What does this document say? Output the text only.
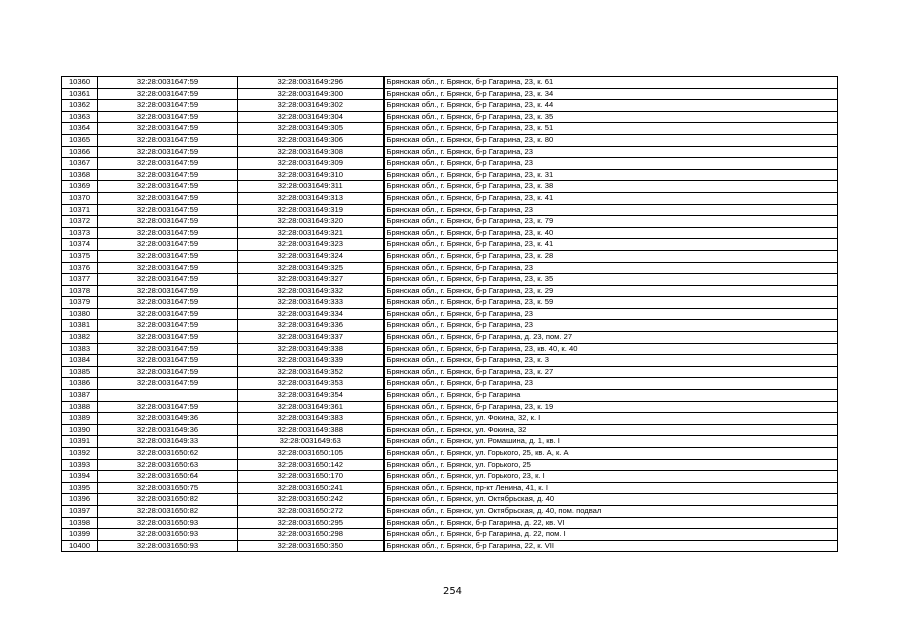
10360	32:28:0031647:59	32:28:0031649:296	Брянская обл., г. Брянск, б-р Гагарина, 23, к. 61
10361	32:28:0031647:59	32:28:0031649:300	Брянская обл., г. Брянск, б-р Гагарина, 23, к. 34
10362	32:28:0031647:59	32:28:0031649:302	Брянская обл., г. Брянск, б-р Гагарина, 23, к. 44
10363	32:28:0031647:59	32:28:0031649:304	Брянская обл., г. Брянск, б-р Гагарина, 23, к. 35
10364	32:28:0031647:59	32:28:0031649:305	Брянская обл., г. Брянск, б-р Гагарина, 23, к. 51
10365	32:28:0031647:59	32:28:0031649:306	Брянская обл., г. Брянск, б-р Гагарина, 23, к. 80
10366	32:28:0031647:59	32:28:0031649:308	Брянская обл., г. Брянск, б-р Гагарина, 23
10367	32:28:0031647:59	32:28:0031649:309	Брянская обл., г. Брянск, б-р Гагарина, 23
10368	32:28:0031647:59	32:28:0031649:310	Брянская обл., г. Брянск, б-р Гагарина, 23, к. 31
10369	32:28:0031647:59	32:28:0031649:311	Брянская обл., г. Брянск, б-р Гагарина, 23, к. 38
10370	32:28:0031647:59	32:28:0031649:313	Брянская обл., г. Брянск, б-р Гагарина, 23, к. 41
10371	32:28:0031647:59	32:28:0031649:319	Брянская обл., г. Брянск, б-р Гагарина, 23
10372	32:28:0031647:59	32:28:0031649:320	Брянская обл., г. Брянск, б-р Гагарина, 23, к. 79
10373	32:28:0031647:59	32:28:0031649:321	Брянская обл., г. Брянск, б-р Гагарина, 23, к. 40
10374	32:28:0031647:59	32:28:0031649:323	Брянская обл., г. Брянск, б-р Гагарина, 23, к. 41
10375	32:28:0031647:59	32:28:0031649:324	Брянская обл., г. Брянск, б-р Гагарина, 23, к. 28
10376	32:28:0031647:59	32:28:0031649:325	Брянская обл., г. Брянск, б-р Гагарина, 23
10377	32:28:0031647:59	32:28:0031649:327	Брянская обл., г. Брянск, б-р Гагарина, 23, к. 35
10378	32:28:0031647:59	32:28:0031649:332	Брянская обл., г. Брянск, б-р Гагарина, 23, к. 29
10379	32:28:0031647:59	32:28:0031649:333	Брянская обл., г. Брянск, б-р Гагарина, 23, к. 59
10380	32:28:0031647:59	32:28:0031649:334	Брянская обл., г. Брянск, б-р Гагарина, 23
10381	32:28:0031647:59	32:28:0031649:336	Брянская обл., г. Брянск, б-р Гагарина, 23
10382	32:28:0031647:59	32:28:0031649:337	Брянская обл., г. Брянск, б-р Гагарина, д. 23, пом. 27
10383	32:28:0031647:59	32:28:0031649:338	Брянская обл., г. Брянск, б-р Гагарина, 23, кв. 40, к. 40
10384	32:28:0031647:59	32:28:0031649:339	Брянская обл., г. Брянск, б-р Гагарина, 23, к. 3
10385	32:28:0031647:59	32:28:0031649:352	Брянская обл., г. Брянск, б-р Гагарина, 23, к. 27
10386	32:28:0031647:59	32:28:0031649:353	Брянская обл., г. Брянск, б-р Гагарина, 23
10387		32:28:0031649:354	Брянская обл., г. Брянск, б-р Гагарина
10388	32:28:0031647:59	32:28:0031649:361	Брянская обл., г. Брянск, б-р Гагарина, 23, к. 19
10389	32:28:0031649:36	32:28:0031649:383	Брянская обл., г. Брянск, ул. Фокина, 32, к. I
10390	32:28:0031649:36	32:28:0031649:388	Брянская обл., г. Брянск, ул. Фокина, 32
10391	32:28:0031649:33	32:28:0031649:63	Брянская обл., г. Брянск, ул. Ромашина, д. 1, кв. I
10392	32:28:0031650:62	32:28:0031650:105	Брянская обл., г. Брянск, ул. Горького, 25, кв. А, к. А
10393	32:28:0031650:63	32:28:0031650:142	Брянская обл., г. Брянск, ул. Горького, 25
10394	32:28:0031650:64	32:28:0031650:170	Брянская обл., г. Брянск, ул. Горького, 23, к. I
10395	32:28:0031650:75	32:28:0031650:241	Брянская обл., г. Брянск, пр-кт Ленина, 41, к. I
10396	32:28:0031650:82	32:28:0031650:242	Брянская обл., г. Брянск, ул. Октябрьская, д. 40
10397	32:28:0031650:82	32:28:0031650:272	Брянская обл., г. Брянск, ул. Октябрьская, д. 40, пом. подвал
10398	32:28:0031650:93	32:28:0031650:295	Брянская обл., г. Брянск, б-р Гагарина, д. 22, кв. VI
10399	32:28:0031650:93	32:28:0031650:298	Брянская обл., г. Брянск, б-р Гагарина, д. 22, пом. I
10400	32:28:0031650:93	32:28:0031650:350	Брянская обл., г. Брянск, б-р Гагарина, 22, к. VII
254
